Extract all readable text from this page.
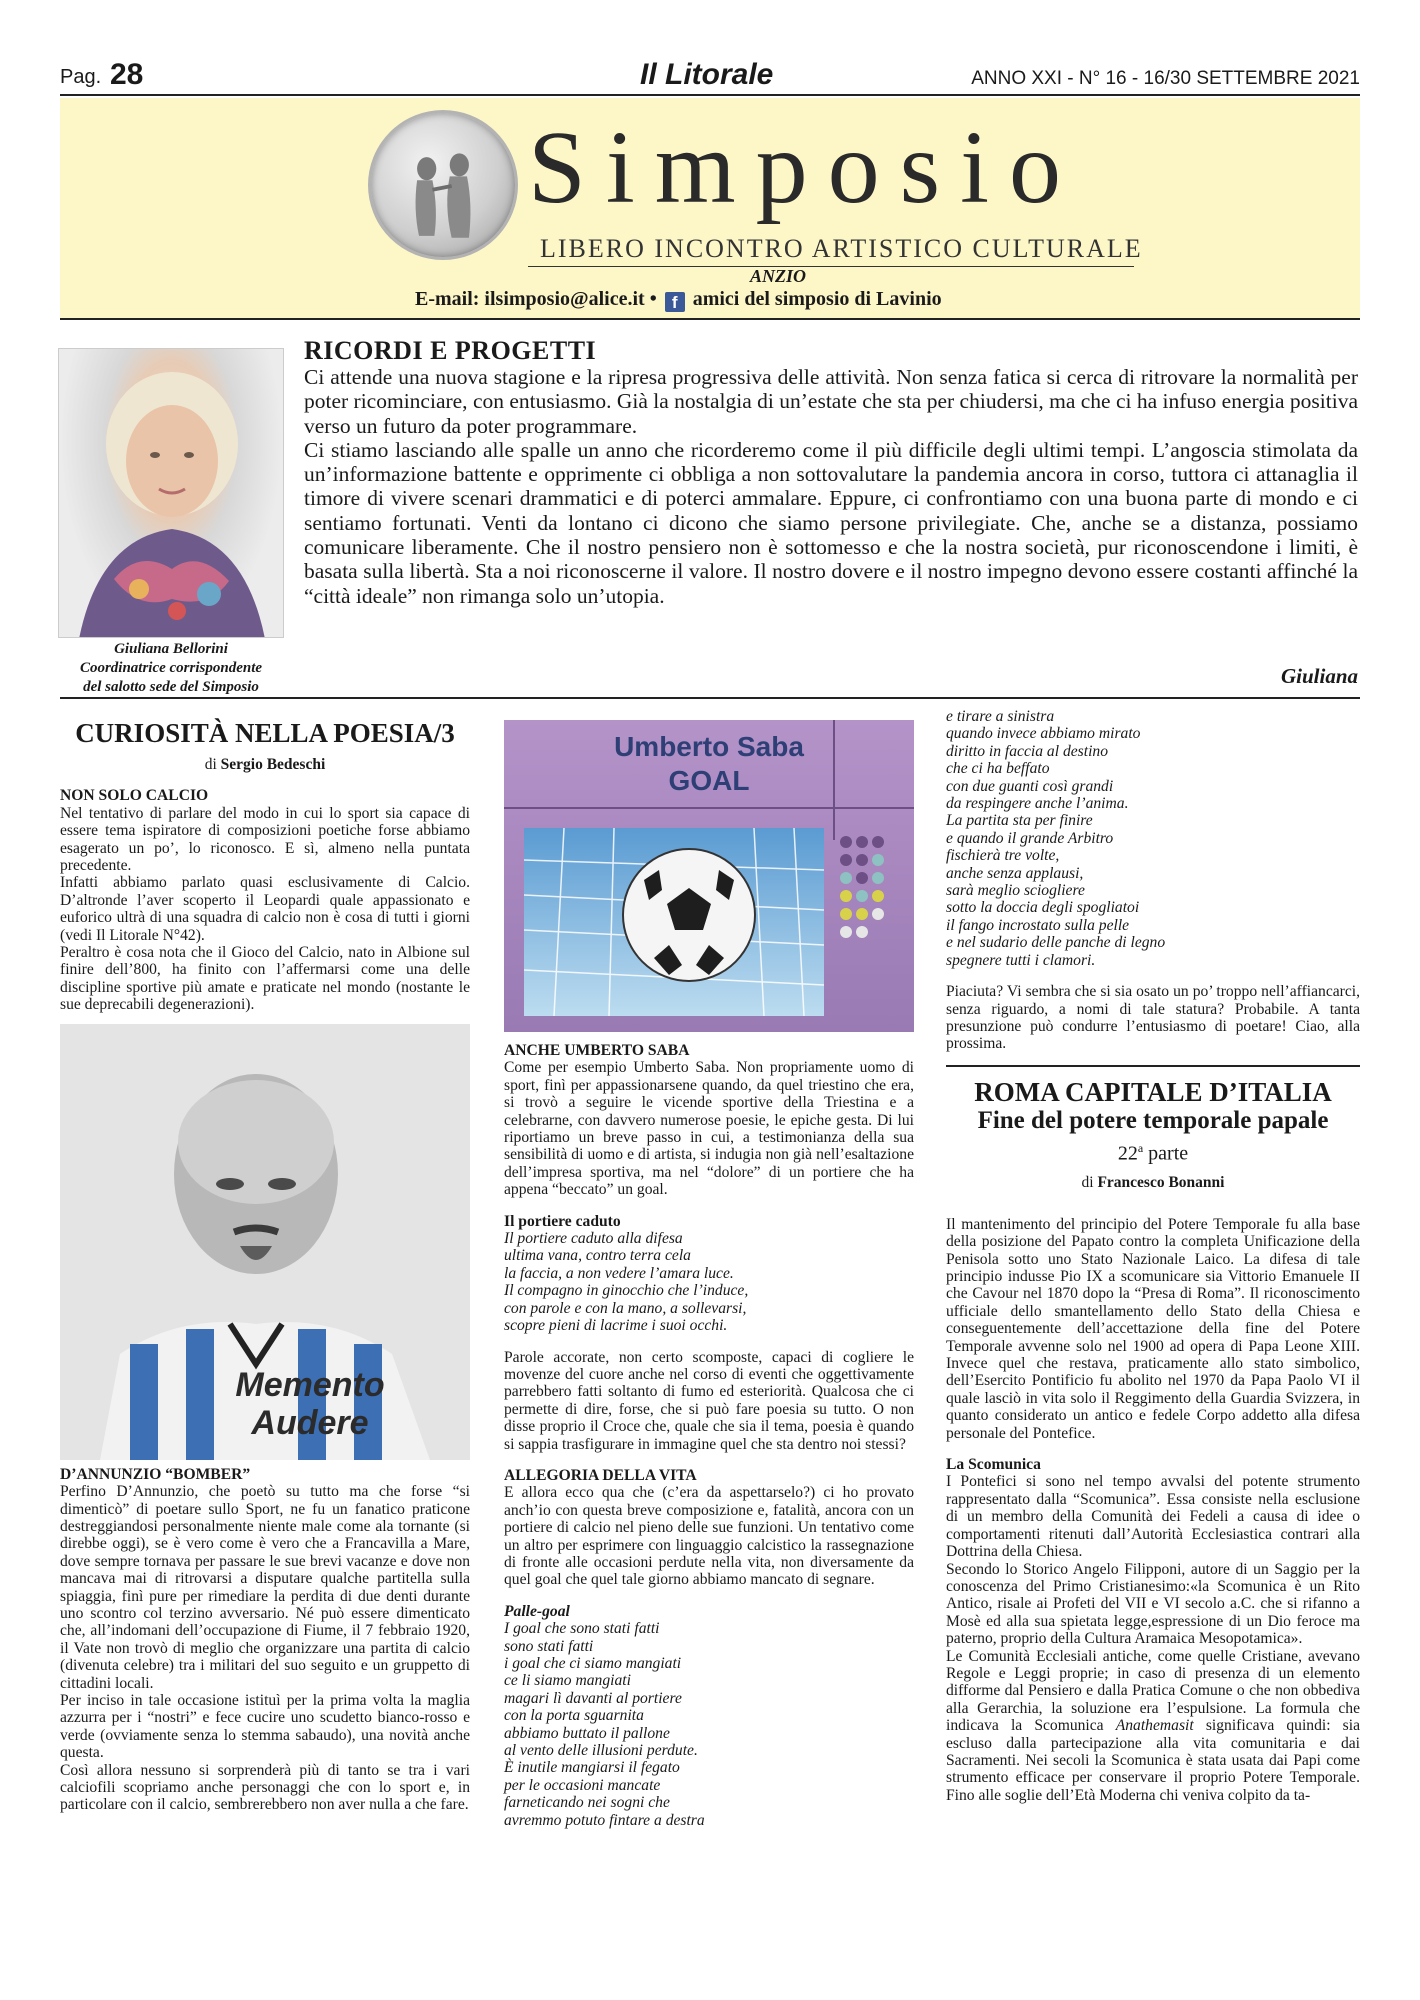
Pag. 28	Il Litorale	ANNO XXI - N° 16 - 16/30 SETTEMBRE 2021
Simposio
LIBERO INCONTRO ARTISTICO CULTURALE
ANZIO
E-mail: ilsimposio@alice.it • f amici del simposio di Lavinio
Giuliana Bellorini
Coordinatrice corrispondente
del salotto sede del Simposio
RICORDI E PROGETTI

Ci attende una nuova stagione e la ripresa progressiva delle attività. Non senza fatica si cerca di ritrovare la normalità per poter ricominciare, con entusiasmo. Già la nostalgia di un’estate che sta per chiudersi, ma che ci ha infuso energia positiva verso un futuro da poter programmare.

Ci stiamo lasciando alle spalle un anno che ricorderemo come il più difficile degli ultimi tempi. L’angoscia stimolata da un’informazione battente e opprimente ci obbliga a non sottovalutare la pandemia ancora in corso, tuttora ci attanaglia il timore di vivere scenari drammatici e di poterci ammalare. Eppure, ci confrontiamo con una buona parte di mondo e ci sentiamo fortunati. Venti da lontano ci dicono che siamo persone privilegiate. Che, anche se a distanza, possiamo comunicare liberamente. Che il nostro pensiero non è sottomesso e che la nostra società, pur riconoscendone i limiti, è basata sulla libertà. Sta a noi riconoscerne il valore. Il nostro dovere e il nostro impegno devono essere costanti affinché la “città ideale” non rimanga solo un’utopia.

Giuliana
CURIOSITÀ NELLA POESIA/3
di Sergio Bedeschi

NON SOLO CALCIO

Nel tentativo di parlare del modo in cui lo sport sia capace di essere tema ispiratore di composizioni poetiche forse abbiamo esagerato un po’, lo riconosco. E sì, almeno nella puntata precedente.

Infatti abbiamo parlato quasi esclusivamente di Calcio. D’altronde l’aver scoperto il Leopardi quale appassionato e euforico ultrà di una squadra di calcio non è cosa di tutti i giorni (vedi Il Litorale N°42).

Peraltro è cosa nota che il Gioco del Calcio, nato in Albione sul finire dell’800, ha finito con l’affermarsi come una delle discipline sportive più amate e praticate nel mondo (nostante le sue deprecabili degenerazioni).

Memento
Audere

D’ANNUNZIO “BOMBER”

Perfino D’Annunzio, che poetò su tutto ma che forse “si dimenticò” di poetare sullo Sport, ne fu un fanatico praticone destreggiandosi personalmente niente male come ala tornante (si direbbe oggi), se è vero come è vero che a Francavilla a Mare, dove sempre tornava per passare le sue brevi vacanze e dove non mancava mai di ritrovarsi a disputare qualche partitella sulla spiaggia, finì pure per rimediare la perdita di due denti durante uno scontro col terzino avversario. Né può essere dimenticato che, all’indomani dell’occupazione di Fiume, il 7 febbraio 1920, il Vate non trovò di meglio che organizzare una partita di calcio (divenuta celebre) tra i militari del suo seguito e un gruppetto di cittadini locali.

Per inciso in tale occasione istituì per la prima volta la maglia azzurra per i “nostri” e fece cucire uno scudetto bianco-rosso e verde (ovviamente senza lo stemma sabaudo), una novità anche questa.

Così allora nessuno si sorprenderà più di tanto se tra i vari calciofili scopriamo anche personaggi che con lo sport e, in particolare con il calcio, sembrerebbero non aver nulla a che fare.

Umberto Saba
GOAL

ANCHE UMBERTO SABA

Come per esempio Umberto Saba. Non propriamente uomo di sport, finì per appassionarsene quando, da quel triestino che era, si trovò a seguire le vicende sportive della Triestina e a celebrarne, con davvero numerose poesie, le epiche gesta. Di lui riportiamo un breve passo in cui, a testimonianza della sua sensibilità di uomo e di artista, si indugia non già nell’esaltazione dell’impresa sportiva, ma nel “dolore” di un portiere che ha appena “beccato” un goal.

Il portiere caduto

Il portiere caduto alla difesa
ultima vana, contro terra cela
la faccia, a non vedere l’amara luce.
Il compagno in ginocchio che l’induce,
con parole e con la mano, a sollevarsi,
scopre pieni di lacrime i suoi occhi.

Parole accorate, non certo scomposte, capaci di cogliere le movenze del cuore anche nel corso di eventi che oggettivamente parrebbero fatti soltanto di fumo ed esteriorità. Qualcosa che ci permette di dire, forse, che si può fare poesia su tutto. O non disse proprio il Croce che, quale che sia il tema, poesia è quando si sappia trasfigurare in immagine quel che sta dentro noi stessi?

ALLEGORIA DELLA VITA

E allora ecco qua che (c’era da aspettarselo?) ci ho provato anch’io con questa breve composizione e, fatalità, ancora con un portiere di calcio nel pieno delle sue funzioni. Un tentativo come un altro per esprimere con linguaggio calcistico la rassegnazione di fronte alle occasioni perdute nella vita, non diversamente da quel goal che quel tale giorno abbiamo mancato di segnare.

Palle-goal

I goal che sono stati fatti
sono stati fatti
i goal che ci siamo mangiati
ce li siamo mangiati
magari lì davanti al portiere
con la porta sguarnita
abbiamo buttato il pallone
al vento delle illusioni perdute.
È inutile mangiarsi il fegato
per le occasioni mancate
farneticando nei sogni che
avremmo potuto fintare a destra
e tirare a sinistra
quando invece abbiamo mirato
diritto in faccia al destino
che ci ha beffato
con due guanti così grandi
da respingere anche l’anima.
La partita sta per finire
e quando il grande Arbitro
fischierà tre volte,
anche senza applausi,
sarà meglio sciogliere
sotto la doccia degli spogliatoi
il fango incrostato sulla pelle
e nel sudario delle panche di legno
spegnere tutti i clamori.

Piaciuta? Vi sembra che si sia osato un po’ troppo nell’affiancarci, senza riguardo, a nomi di tale statura? Probabile. A tanta presunzione può condurre l’entusiasmo di poetare! Ciao, alla prossima.

ROMA CAPITALE D’ITALIA
Fine del potere temporale papale
22$^a$ parte
di Francesco Bonanni

Il mantenimento del principio del Potere Temporale fu alla base della posizione del Papato contro la completa Unificazione della Penisola sotto uno Stato Nazionale Laico. La difesa di tale principio indusse Pio IX a scomunicare sia Vittorio Emanuele II che Cavour nel 1870 dopo la “Presa di Roma”. Il riconoscimento ufficiale dello smantellamento dello Stato della Chiesa e conseguentemente dell’accettazione della fine del Potere Temporale avvenne solo nel 1900 ad opera di Papa Leone XIII. Invece quel che restava, praticamente allo stato simbolico, dell’Esercito Pontificio fu abolito nel 1970 da Papa Paolo VI il quale lasciò in vita solo il Reggimento della Guardia Svizzera, in quanto considerato un antico e fedele Corpo addetto alla difesa personale del Pontefice.

La Scomunica

I Pontefici si sono nel tempo avvalsi del potente strumento rappresentato dalla “Scomunica”. Essa consiste nella esclusione di un membro della Comunità dei Fedeli a causa di idee o comportamenti ritenuti dall’Autorità Ecclesiastica contrari alla Dottrina della Chiesa.

Secondo lo Storico Angelo Filipponi, autore di un Saggio per la conoscenza del Primo Cristianesimo:«la Scomunica è un Rito Antico, risale ai Profeti del VII e VI secolo a.C. che si rifanno a Mosè ed alla sua spietata legge,espressione di un Dio feroce ma paterno, proprio della Cultura Aramaica Mesopotamica».

Le Comunità Ecclesiali antiche, come quelle Cristiane, avevano Regole e Leggi proprie; in caso di presenza di un elemento difforme dal Pensiero e dalla Pratica Comune o che non obbediva alla Gerarchia, la soluzione era l’espulsione. La formula che indicava la Scomunica Anathemasit significava quindi: sia escluso dalla partecipazione alla vita comunitaria e dai Sacramenti. Nei secoli la Scomunica è stata usata dai Papi come strumento efficace per conservare il proprio Potere Temporale. Fino alle soglie dell’Età Moderna chi veniva colpito da ta-
